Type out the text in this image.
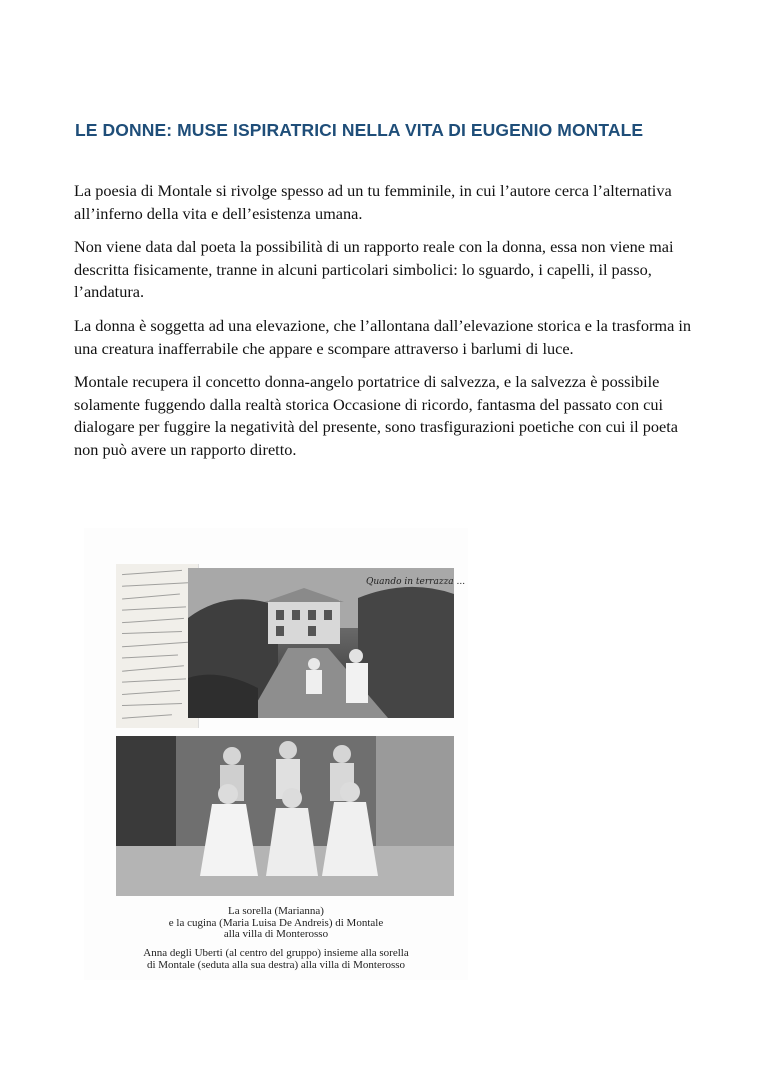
LE DONNE: MUSE ISPIRATRICI NELLA VITA DI EUGENIO MONTALE

La poesia di Montale si rivolge spesso ad un tu femminile, in cui l’autore cerca l’alternativa all’inferno della vita e dell’esistenza umana.

Non viene data dal poeta la possibilità di un rapporto reale con la donna, essa non viene mai descritta fisicamente, tranne in alcuni particolari simbolici: lo sguardo, i capelli, il passo, l’andatura.

La donna è soggetta ad una elevazione, che l’allontana dall’elevazione storica e la trasforma in una creatura inafferrabile che appare e scompare attraverso i barlumi di luce.

Montale recupera il concetto donna-angelo portatrice di salvezza, e la salvezza è possibile solamente fuggendo dalla realtà storica Occasione di ricordo, fantasma del passato con cui dialogare per fuggire la negatività del presente, sono trasfigurazioni poetiche con cui il poeta non può avere un rapporto diretto.

Quando in terrazza ...
La sorella (Marianna)
e la cugina (Maria Luisa De Andreis) di Montale
alla villa di Monterosso
Anna degli Uberti (al centro del gruppo) insieme alla sorella
di Montale (seduta alla sua destra) alla villa di Monterosso
